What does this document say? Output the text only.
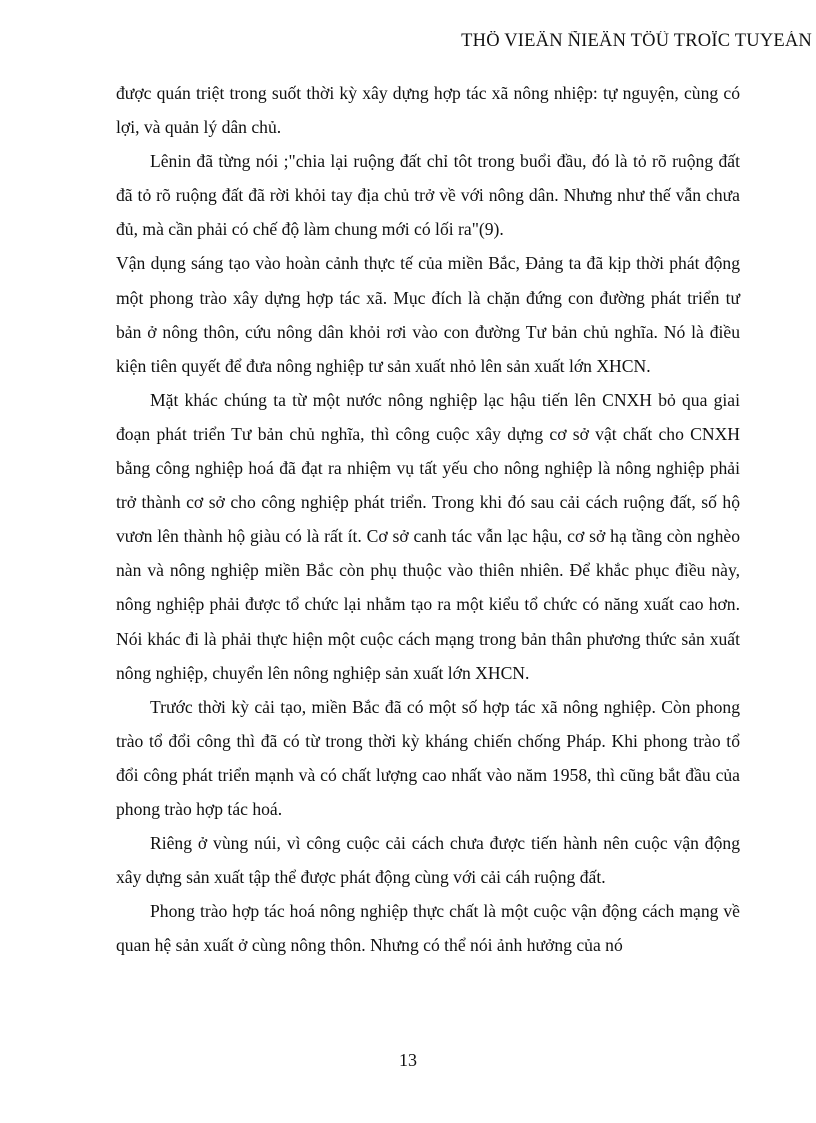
THÖ VIEÄN ÑIEÄN TÖÛ TROÏC TUYEÁN

được quán triệt trong suốt thời kỳ xây dựng hợp tác xã nông nhiệp: tự nguyện, cùng có lợi, và quản lý dân chủ.

Lênin đã từng nói ;"chia lại ruộng đất chỉ tôt trong buổi đầu, đó là tỏ rõ ruộng đất đã tỏ rõ ruộng đất đã rời khỏi tay địa chủ trở về với nông dân. Nhưng như thế vẫn chưa đủ, mà cần phải có chế độ làm chung mới có lối ra"(9).

Vận dụng sáng tạo vào hoàn cảnh thực tế của miền Bắc, Đảng ta đã kịp thời phát động một phong trào xây dựng hợp tác xã. Mục đích là chặn đứng con đường phát triển tư bản ở nông thôn, cứu nông dân khỏi rơi vào con đường Tư bản chủ nghĩa. Nó là điều kiện tiên quyết để đưa nông nghiệp tư sản xuất nhỏ lên sản xuất lớn XHCN.

Mặt khác chúng ta từ một nước nông nghiệp lạc hậu tiến lên CNXH bỏ qua giai đoạn phát triển Tư bản chủ nghĩa, thì công cuộc xây dựng cơ sở vật chất cho CNXH bằng công nghiệp hoá đã đạt ra nhiệm vụ tất yếu cho nông nghiệp là nông nghiệp phải trở thành cơ sở cho công nghiệp phát triển. Trong khi đó sau cải cách ruộng đất, số hộ vươn lên thành hộ giàu có là rất ít. Cơ sở canh tác vẫn lạc hậu, cơ sở hạ tầng còn nghèo nàn và nông nghiệp miền Bắc còn phụ thuộc vào thiên nhiên. Để khắc phục điều này, nông nghiệp phải được tổ chức lại nhằm tạo ra một kiểu tổ chức có năng xuất cao hơn. Nói khác đi là phải thực hiện một cuộc cách mạng trong bản thân phương thức sản xuất nông nghiệp, chuyển lên nông nghiệp sản xuất lớn XHCN.

Trước thời kỳ cải tạo, miền Bắc đã có một số hợp tác xã nông nghiệp. Còn phong trào tổ đổi công thì đã có từ trong thời kỳ kháng chiến chống Pháp. Khi phong trào tổ đổi công phát triển mạnh và có chất lượng cao nhất vào năm 1958, thì cũng bắt đầu của phong trào hợp tác hoá.

Riêng ở vùng núi, vì công cuộc cải cách chưa được tiến hành nên cuộc vận động xây dựng sản xuất tập thể được phát động cùng với cải cáh ruộng đất.

Phong trào hợp tác hoá nông nghiệp thực chất là một cuộc vận động cách mạng về quan hệ sản xuất ở cùng nông thôn. Nhưng có thể nói ảnh hưởng của nó

13
